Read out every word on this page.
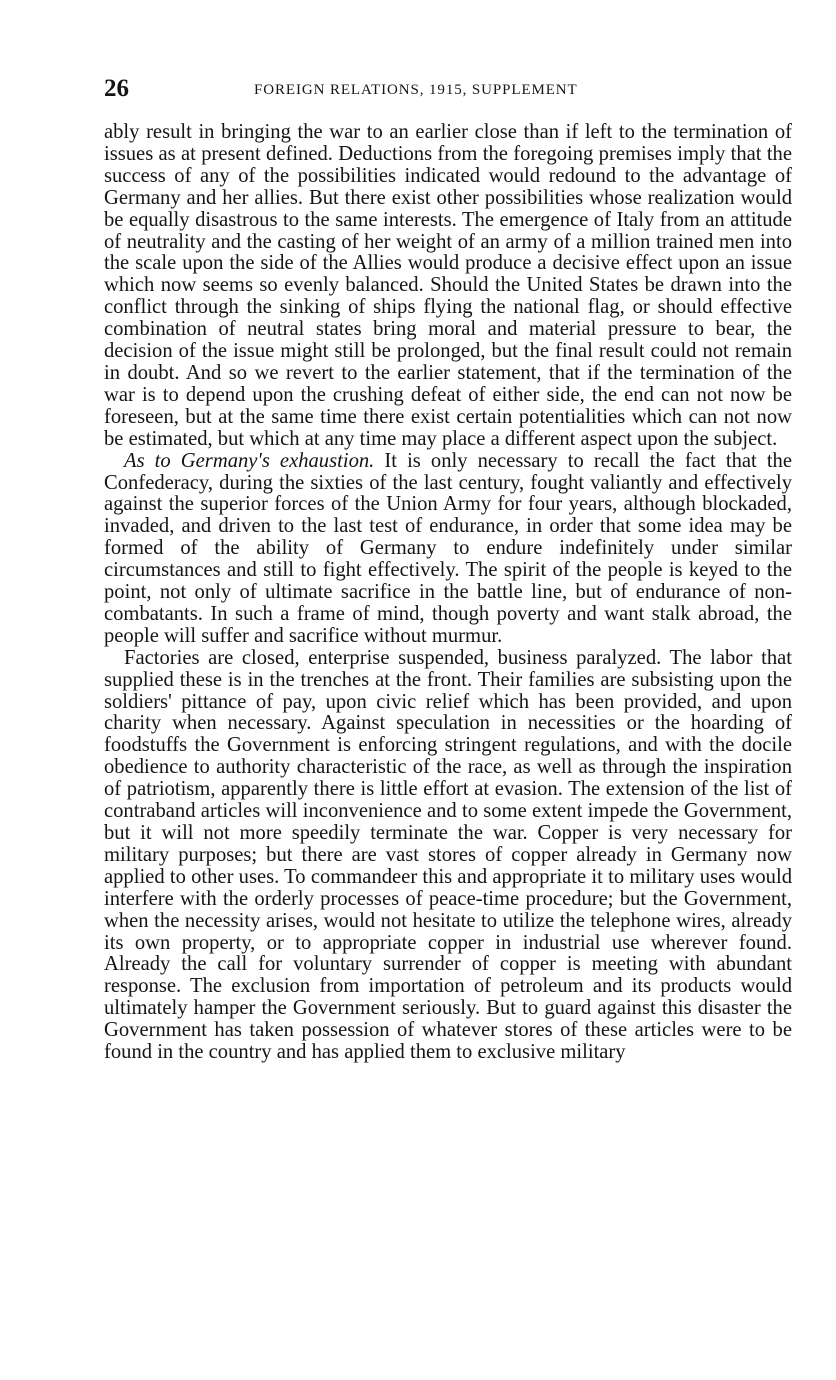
26	FOREIGN RELATIONS, 1915, SUPPLEMENT

ably result in bringing the war to an earlier close than if left to the termination of issues as at present defined. Deductions from the foregoing premises imply that the success of any of the possibilities indicated would redound to the advantage of Germany and her allies. But there exist other possibilities whose realization would be equally disastrous to the same interests. The emergence of Italy from an attitude of neutrality and the casting of her weight of an army of a million trained men into the scale upon the side of the Allies would produce a decisive effect upon an issue which now seems so evenly balanced. Should the United States be drawn into the conflict through the sinking of ships flying the national flag, or should effective combination of neutral states bring moral and material pressure to bear, the decision of the issue might still be prolonged, but the final result could not remain in doubt. And so we revert to the earlier statement, that if the termination of the war is to depend upon the crushing defeat of either side, the end can not now be foreseen, but at the same time there exist certain potentialities which can not now be estimated, but which at any time may place a different aspect upon the subject.

As to Germany's exhaustion. It is only necessary to recall the fact that the Confederacy, during the sixties of the last century, fought valiantly and effectively against the superior forces of the Union Army for four years, although blockaded, invaded, and driven to the last test of endurance, in order that some idea may be formed of the ability of Germany to endure indefinitely under similar circumstances and still to fight effectively. The spirit of the people is keyed to the point, not only of ultimate sacrifice in the battle line, but of endurance of non-combatants. In such a frame of mind, though poverty and want stalk abroad, the people will suffer and sacrifice without murmur.

Factories are closed, enterprise suspended, business paralyzed. The labor that supplied these is in the trenches at the front. Their families are subsisting upon the soldiers' pittance of pay, upon civic relief which has been provided, and upon charity when necessary. Against speculation in necessities or the hoarding of foodstuffs the Government is enforcing stringent regulations, and with the docile obedience to authority characteristic of the race, as well as through the inspiration of patriotism, apparently there is little effort at evasion. The extension of the list of contraband articles will inconvenience and to some extent impede the Government, but it will not more speedily terminate the war. Copper is very necessary for military purposes; but there are vast stores of copper already in Germany now applied to other uses. To commandeer this and appropriate it to military uses would interfere with the orderly processes of peace-time procedure; but the Government, when the necessity arises, would not hesitate to utilize the telephone wires, already its own property, or to appropriate copper in industrial use wherever found. Already the call for voluntary surrender of copper is meeting with abundant response. The exclusion from importation of petroleum and its products would ultimately hamper the Government seriously. But to guard against this disaster the Government has taken possession of whatever stores of these articles were to be found in the country and has applied them to exclusive military
